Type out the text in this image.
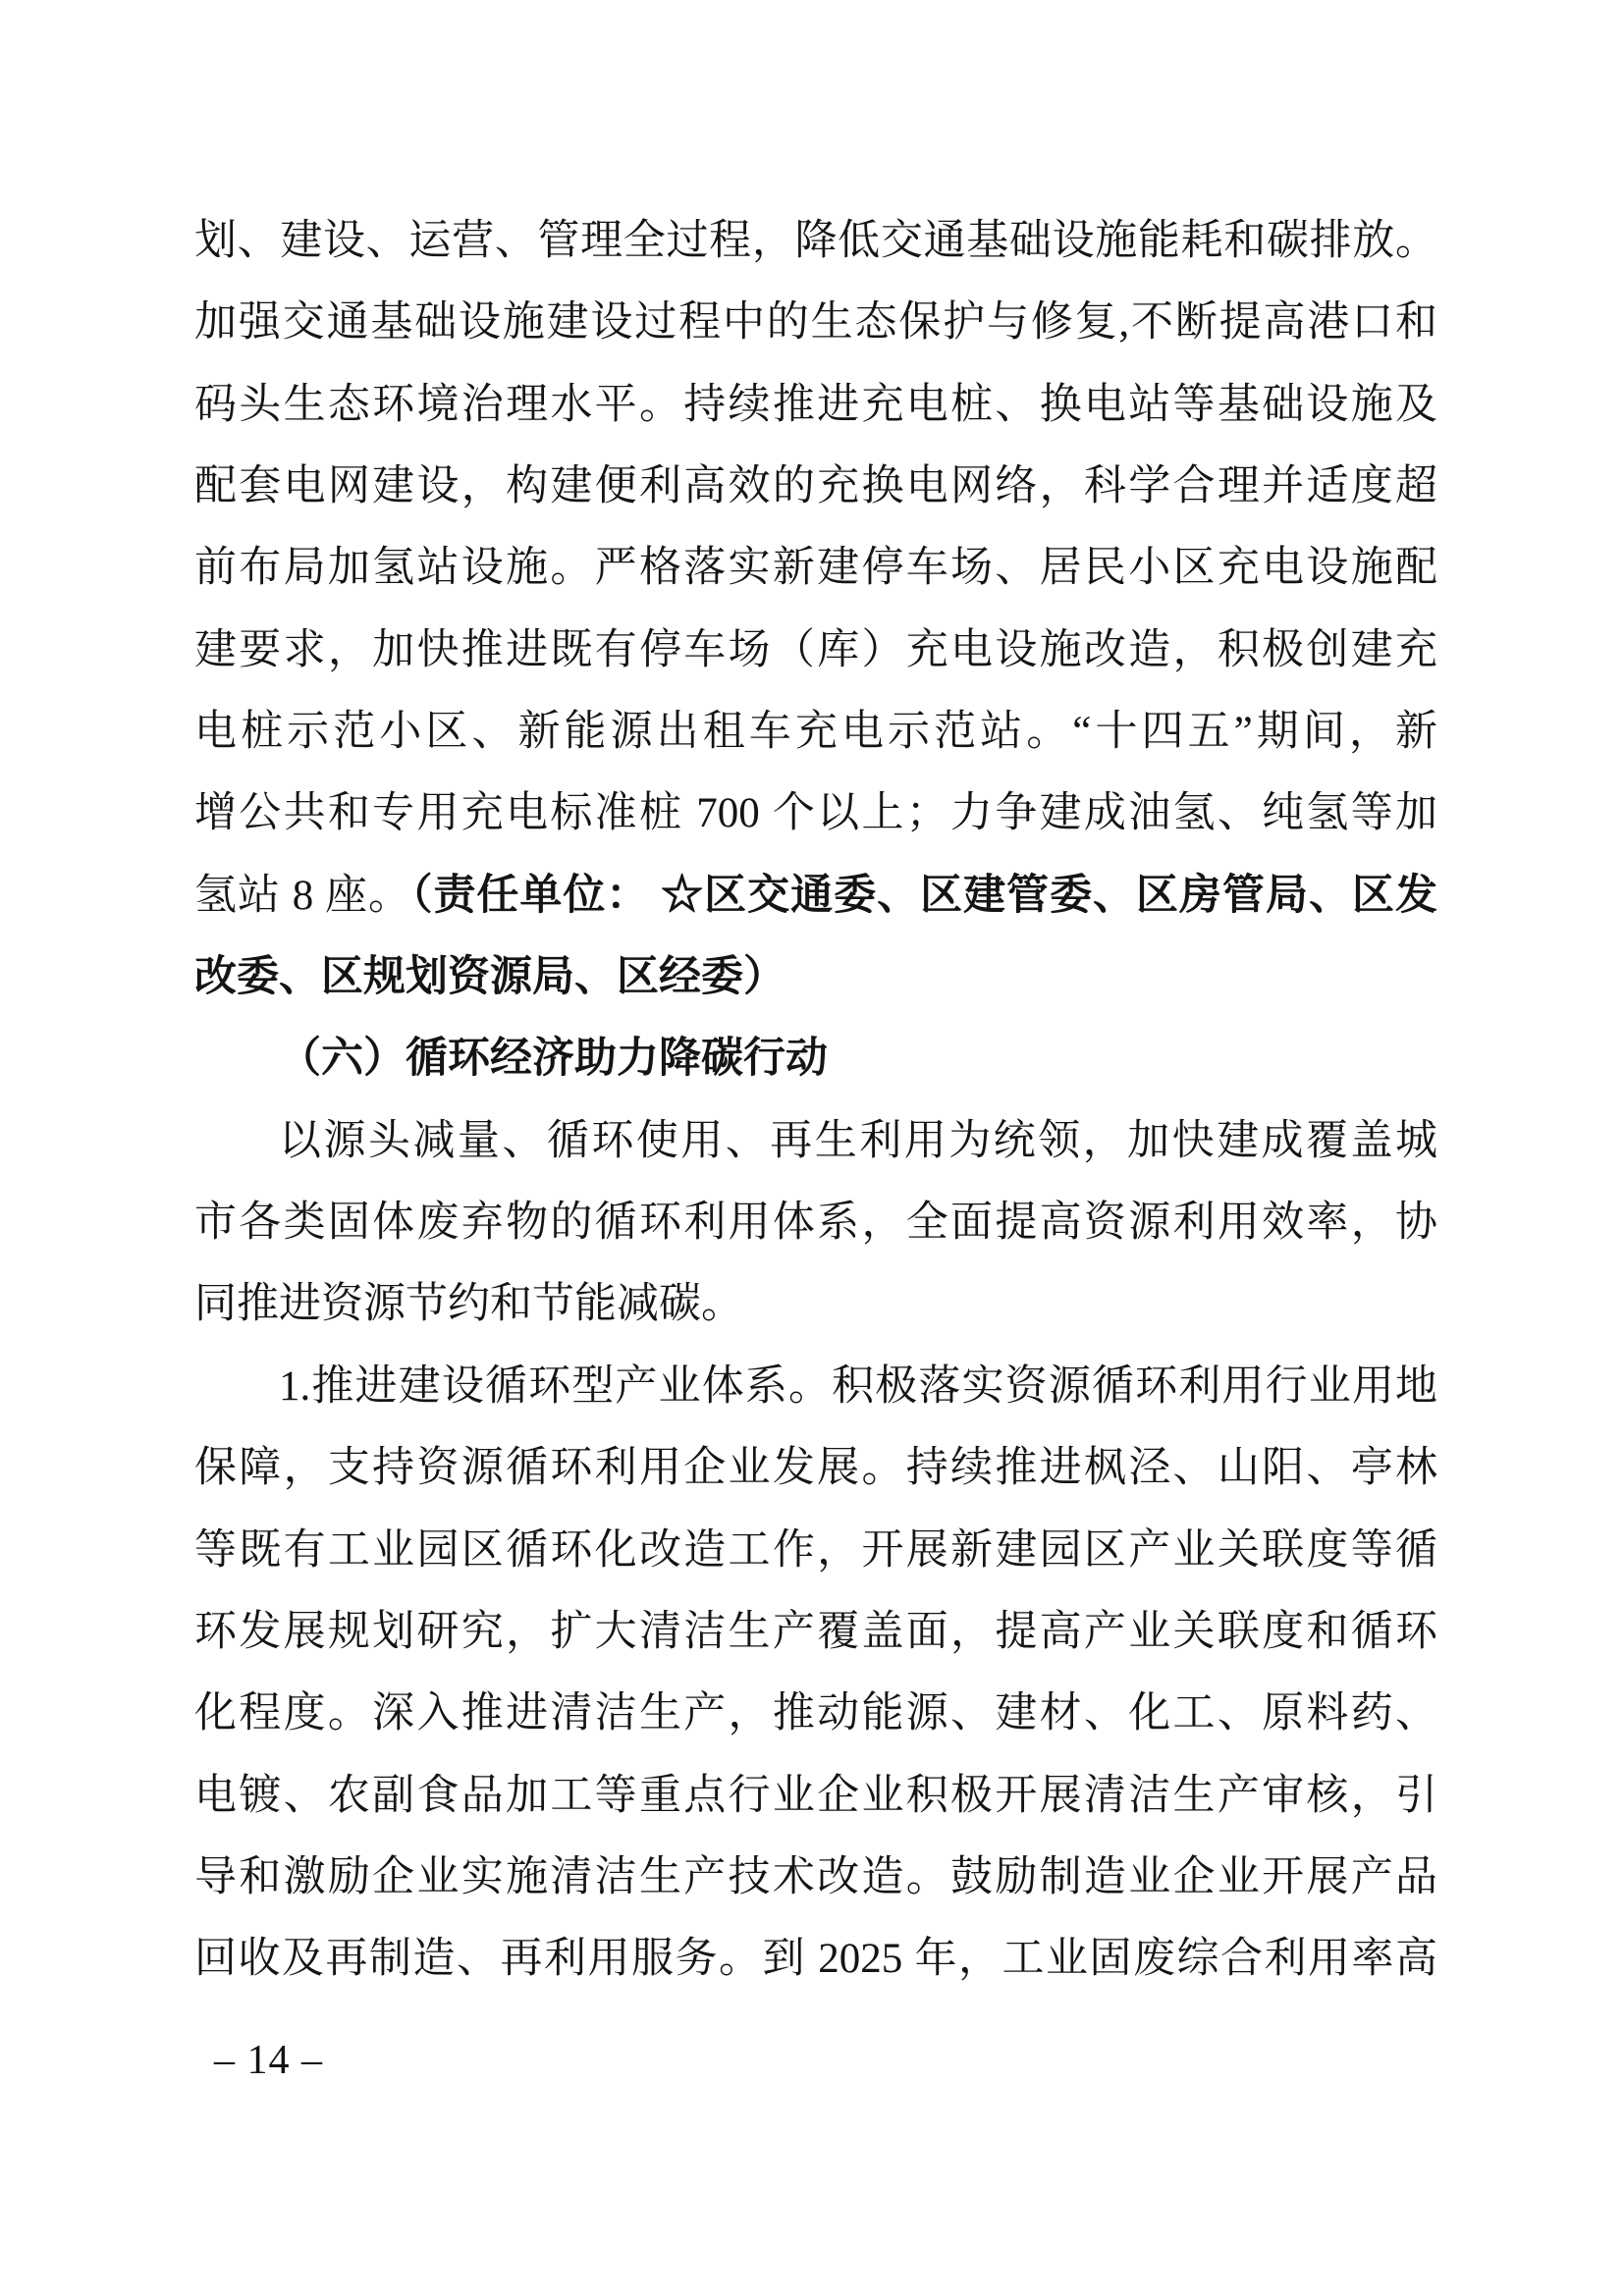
划、建设、运营、管理全过程，降低交通基础设施能耗和碳排放。
加强交通基础设施建设过程中的生态保护与修复,不断提高港口和
码头生态环境治理水平。持续推进充电桩、换电站等基础设施及
配套电网建设，构建便利高效的充换电网络，科学合理并适度超
前布局加氢站设施。严格落实新建停车场、居民小区充电设施配
建要求，加快推进既有停车场（库）充电设施改造，积极创建充
电桩示范小区、新能源出租车充电示范站。“十四五”期间，新
增公共和专用充电标准桩 700 个以上；力争建成油氢、纯氢等加
氢站 8 座。（责任单位： ☆区交通委、区建管委、区房管局、区发
改委、区规划资源局、区经委）
（六）循环经济助力降碳行动
以源头减量、循环使用、再生利用为统领，加快建成覆盖城
市各类固体废弃物的循环利用体系，全面提高资源利用效率，协
同推进资源节约和节能减碳。
1.推进建设循环型产业体系。积极落实资源循环利用行业用地
保障，支持资源循环利用企业发展。持续推进枫泾、山阳、亭林
等既有工业园区循环化改造工作，开展新建园区产业关联度等循
环发展规划研究，扩大清洁生产覆盖面，提高产业关联度和循环
化程度。深入推进清洁生产，推动能源、建材、化工、原料药、
电镀、农副食品加工等重点行业企业积极开展清洁生产审核，引
导和激励企业实施清洁生产技术改造。鼓励制造业企业开展产品
回收及再制造、再利用服务。到 2025 年，工业固废综合利用率高
– 14 –
